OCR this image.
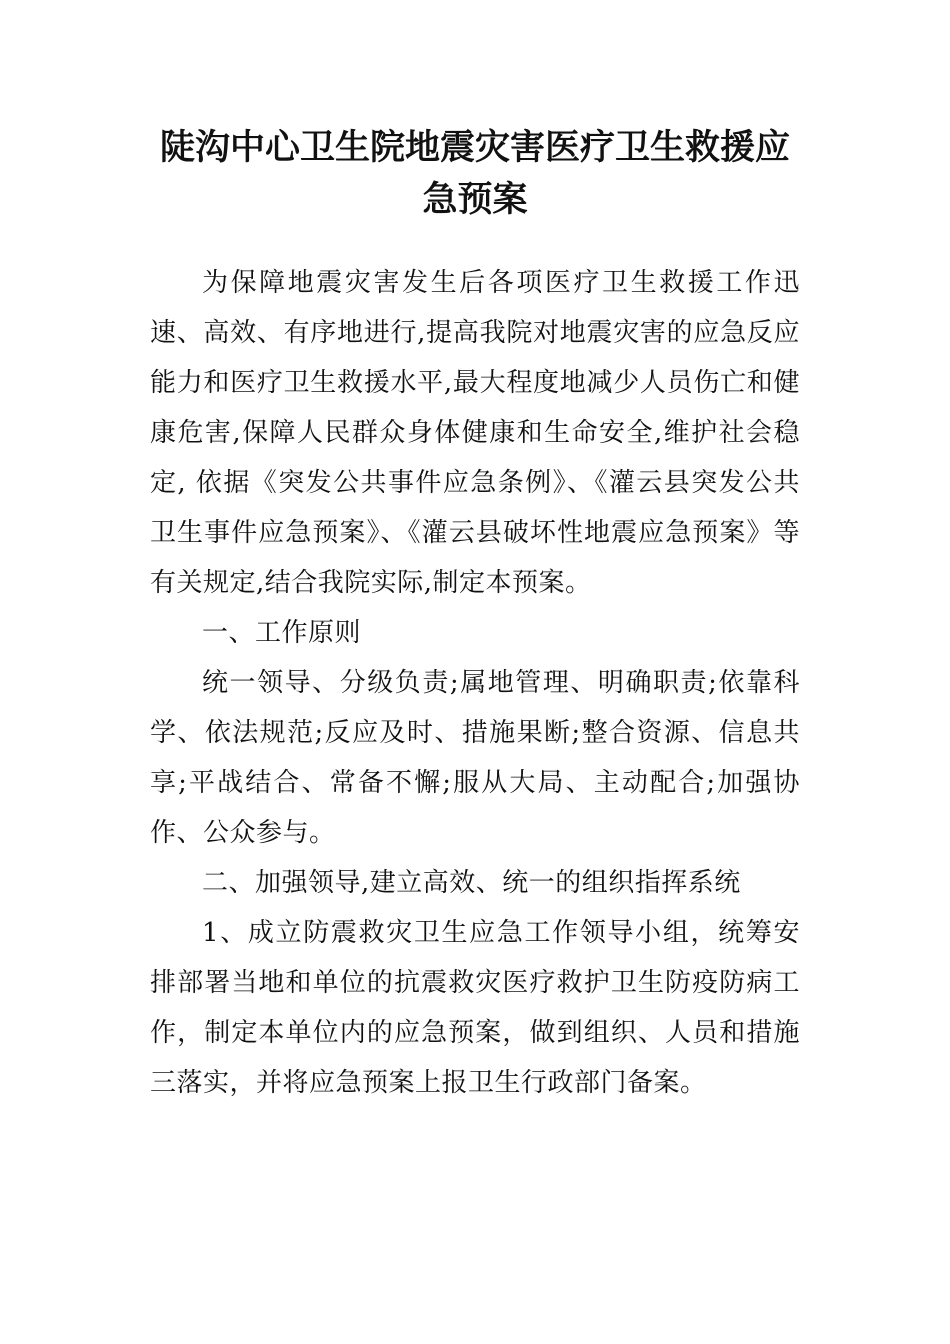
陡沟中心卫生院地震灾害医疗卫生救援应急预案

为保障地震灾害发生后各项医疗卫生救援工作迅速、高效、有序地进行,提高我院对地震灾害的应急反应能力和医疗卫生救援水平,最大程度地减少人员伤亡和健康危害,保障人民群众身体健康和生命安全,维护社会稳定, 依据《突发公共事件应急条例》、《灌云县突发公共卫生事件应急预案》、《灌云县破坏性地震应急预案》等有关规定,结合我院实际,制定本预案。

一、工作原则

统一领导、分级负责;属地管理、明确职责;依靠科学、依法规范;反应及时、措施果断;整合资源、信息共享;平战结合、常备不懈;服从大局、主动配合;加强协作、公众参与。

二、加强领导,建立高效、统一的组织指挥系统

1、成立防震救灾卫生应急工作领导小组，统筹安排部署当地和单位的抗震救灾医疗救护卫生防疫防病工作，制定本单位内的应急预案，做到组织、人员和措施三落实，并将应急预案上报卫生行政部门备案。
